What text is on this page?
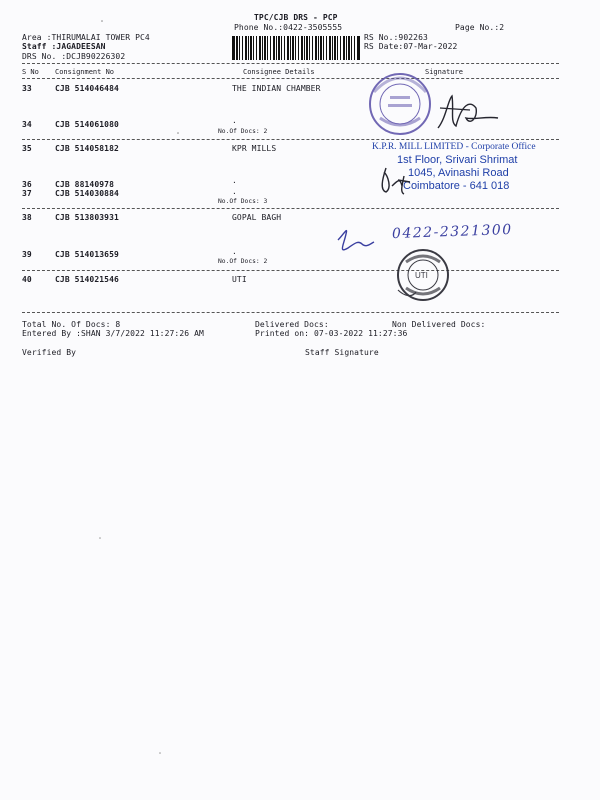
TPC/CJB DRS - PCP
Phone No.:0422-3505555	Page No.:2
Area :THIRUMALAI TOWER PC4
Staff :JAGADEESAN
DRS No. :DCJB90226302
RS No.:902263
RS Date:07-Mar-2022
S No Consignment No	Consignee Details	Signature
33	CJB 514046484	THE INDIAN CHAMBER
34	CJB 514061080	.
No.Of Docs: 2
35	CJB 514058182	KPR MILLS
36	CJB 88140978	.
37	CJB 514030884	.
No.Of Docs: 3
38	CJB 513803931	GOPAL BAGH
39	CJB 514013659	.
No.Of Docs: 2
40	CJB 514021546	UTI
K.P.R. MILL LIMITED - Corporate Office
1st Floor, Srivari Shrimat
1045, Avinashi Road
Coimbatore - 641 018
0422-2321300
UTI
Total No. Of Docs: 8
Entered By :SHAN 3/7/2022 11:27:26 AM
Delivered Docs:	Non Delivered Docs:
Printed on: 07-03-2022 11:27:36
Verified By	Staff Signature
